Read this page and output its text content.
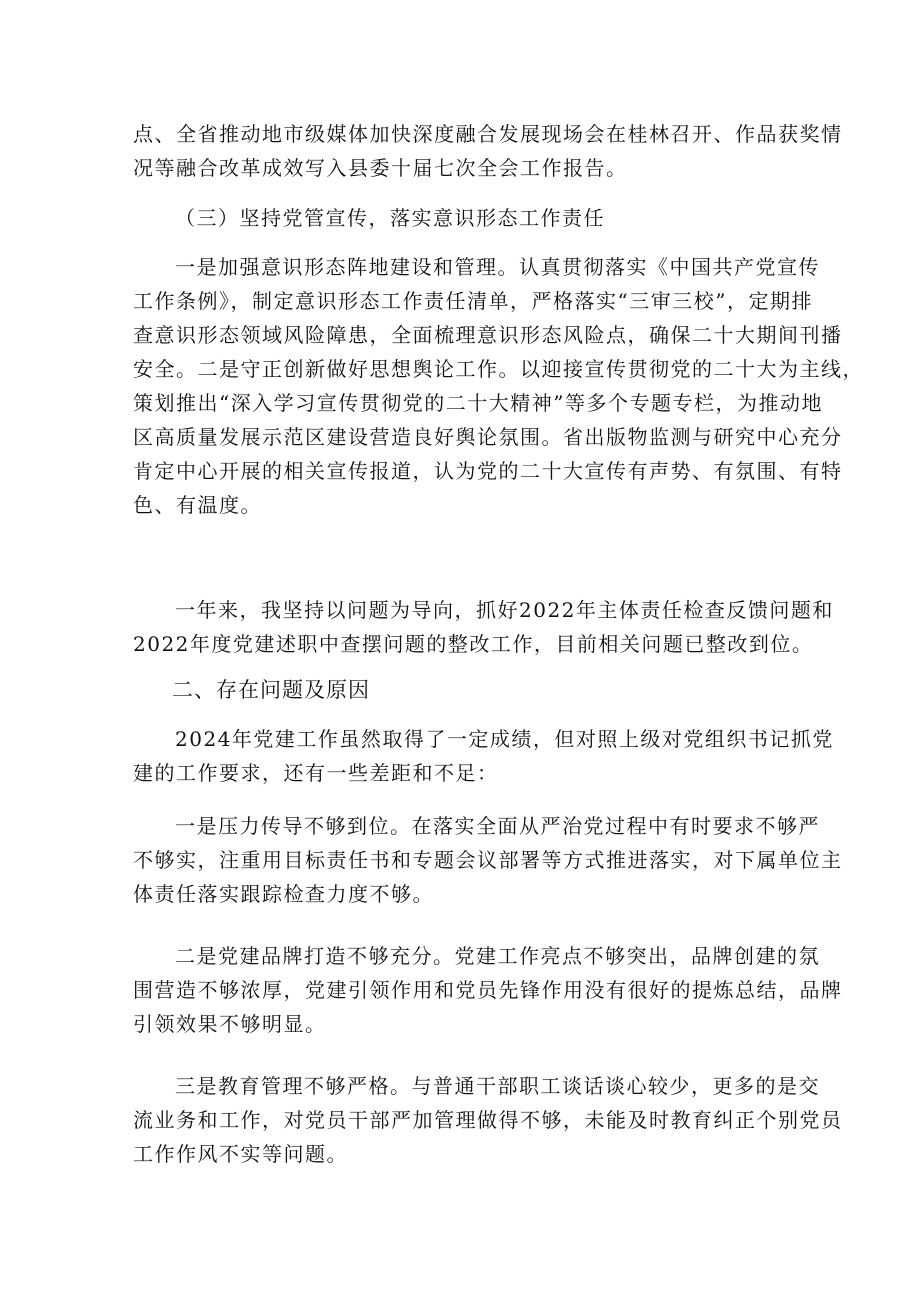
点、全省推动地市级媒体加快深度融合发展现场会在桂林召开、作品获奖情
况等融合改革成效写入县委十届七次全会工作报告。

（三）坚持党管宣传，落实意识形态工作责任

一是加强意识形态阵地建设和管理。认真贯彻落实《中国共产党宣传
工作条例》，制定意识形态工作责任清单，严格落实“三审三校”，定期排
查意识形态领域风险障患，全面梳理意识形态风险点，确保二十大期间刊播
安全。二是守正创新做好思想舆论工作。以迎接宣传贯彻党的二十大为主线，
策划推出“深入学习宣传贯彻党的二十大精神”等多个专题专栏，为推动地
区高质量发展示范区建设营造良好舆论氛围。省出版物监测与研究中心充分
肯定中心开展的相关宣传报道，认为党的二十大宣传有声势、有氛围、有特
色、有温度。

一年来，我坚持以问题为导向，抓好2022年主体责任检查反馈问题和
2022年度党建述职中查摆问题的整改工作，目前相关问题已整改到位。

二、存在问题及原因

2024年党建工作虽然取得了一定成绩，但对照上级对党组织书记抓党
建的工作要求，还有一些差距和不足：

一是压力传导不够到位。在落实全面从严治党过程中有时要求不够严
不够实，注重用目标责任书和专题会议部署等方式推进落实，对下属单位主
体责任落实跟踪检查力度不够。

二是党建品牌打造不够充分。党建工作亮点不够突出，品牌创建的氛
围营造不够浓厚，党建引领作用和党员先锋作用没有很好的提炼总结，品牌
引领效果不够明显。

三是教育管理不够严格。与普通干部职工谈话谈心较少，更多的是交
流业务和工作，对党员干部严加管理做得不够，未能及时教育纠正个别党员
工作作风不实等问题。
